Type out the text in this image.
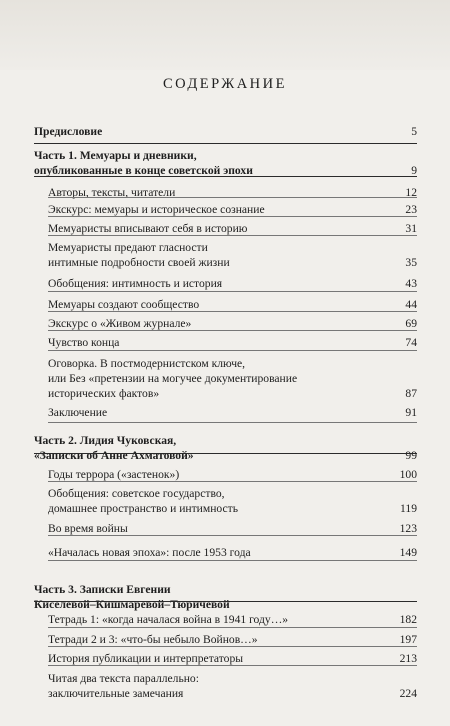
СОДЕРЖАНИЕ
Предисловие	5
Часть 1. Мемуары и дневники,
опубликованные в конце советской эпохи	9
Авторы, тексты, читатели	12
Экскурс: мемуары и историческое сознание	23
Мемуаристы вписывают себя в историю	31
Мемуаристы предают гласности
интимные подробности своей жизни	35
Обобщения: интимность и история	43
Мемуары создают сообщество	44
Экскурс о «Живом журнале»	69
Чувство конца	74
Оговорка. В постмодернистском ключе,
или Без «претензии на могучее документирование
исторических фактов»	87
Заключение	91
Часть 2. Лидия Чуковская,
«Записки об Анне Ахматовой»	99
Годы террора («застенок»)	100
Обобщения: советское государство,
домашнее пространство и интимность	119
Во время войны	123
«Началась новая эпоха»: после 1953 года	149
Часть 3. Записки Евгении
Киселевой–Кишмаревой–Тюричевой
Тетрадь 1: «когда началася война в 1941 году…»	182
Тетради 2 и 3: «что-бы небыло Войнов…»	197
История публикации и интерпретаторы	213
Читая два текста параллельно:
заключительные замечания	224
